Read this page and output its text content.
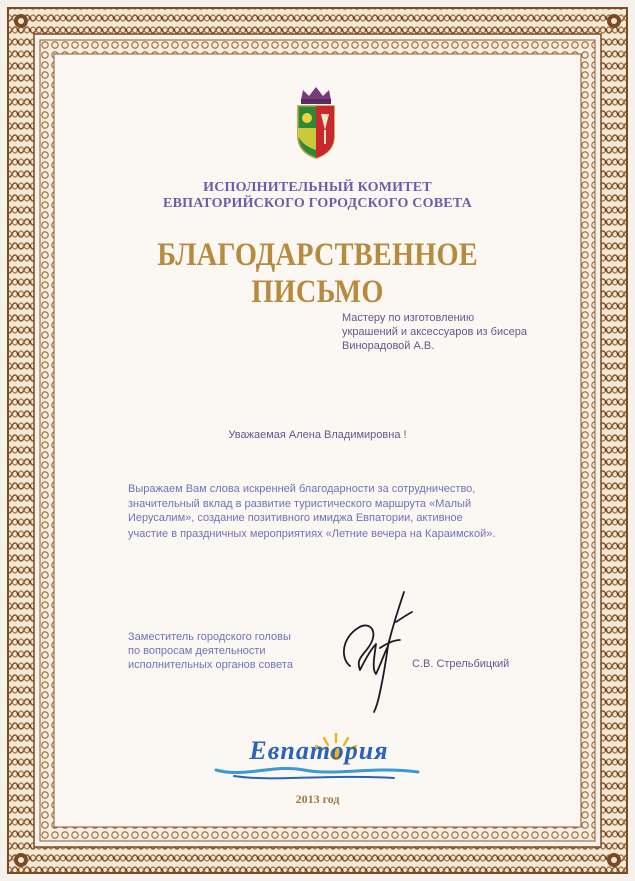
ИСПОЛНИТЕЛЬНЫЙ КОМИТЕТ
ЕВПАТОРИЙСКОГО ГОРОДСКОГО СОВЕТА
БЛАГОДАРСТВЕННОЕ ПИСЬМО
Мастеру по изготовлению
украшений и аксессуаров из бисера
Винорадовой А.В.
Уважаемая Алена Владимировна !
Выражаем Вам слова искренней благодарности за сотрудничество,
значительный вклад в развитие туристического маршрута «Малый
Иерусалим», создание позитивного имиджа Евпатории, активное
участие в праздничных мероприятиях «Летние вечера на Караимской».
Заместитель городского головы
по вопросам деятельности
исполнительных органов совета	С.В. Стрельбицкий
Евпатория
2013 год
